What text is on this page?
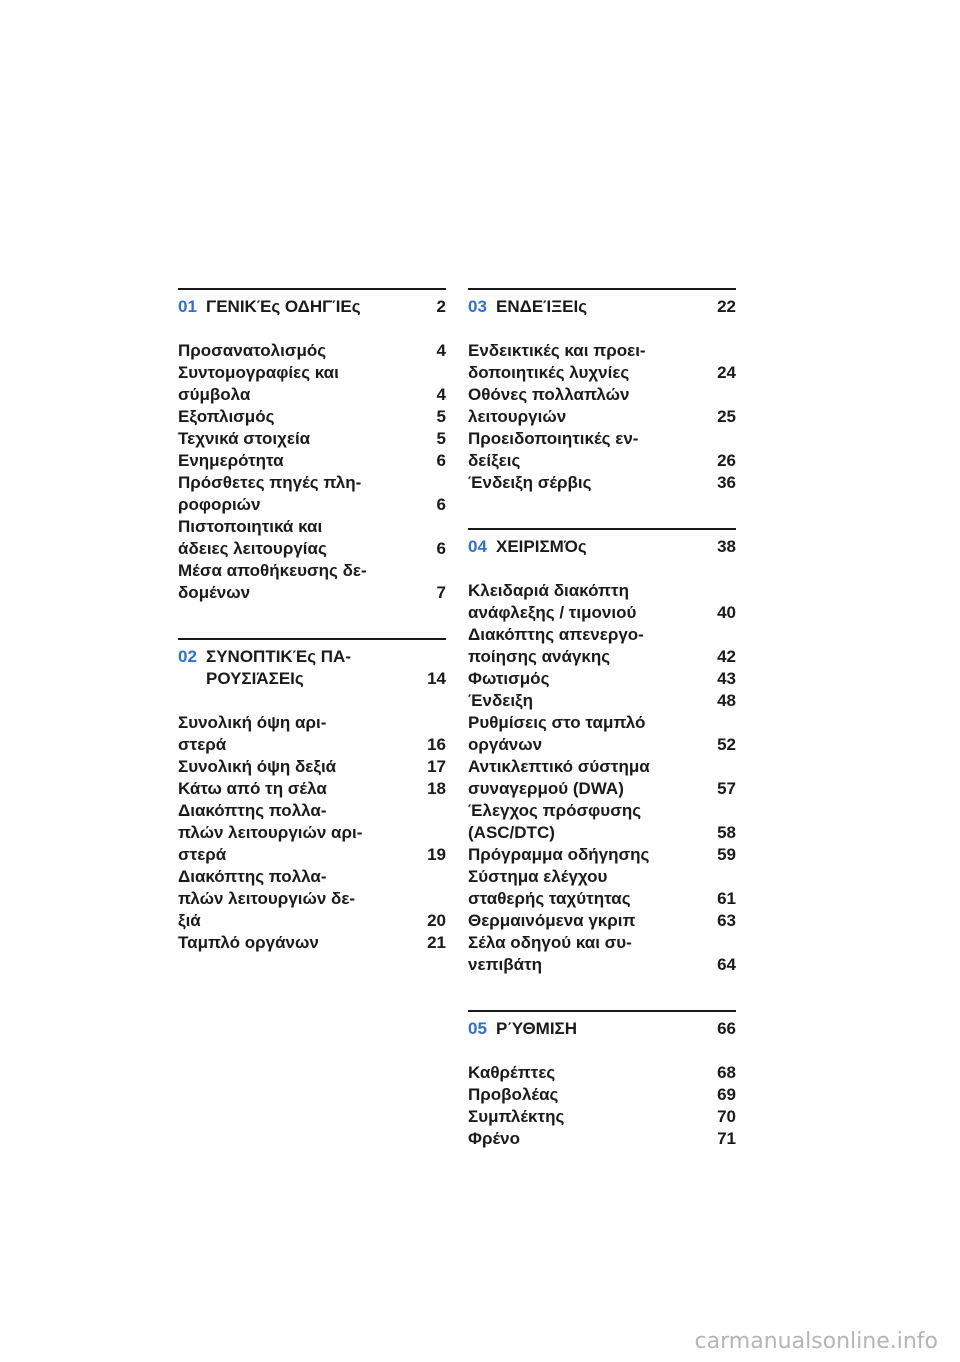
01 ΓΕΝΙΚΈς ΟΔΗΓΊΕς	2
Προσανατολισμός	4
Συντομογραφίες και
σύμβολα	4
Εξοπλισμός	5
Τεχνικά στοιχεία	5
Ενημερότητα	6
Πρόσθετες πηγές πλη-
ροφοριών	6
Πιστοποιητικά και
άδειες λειτουργίας	6
Μέσα αποθήκευσης δε-
δομένων	7
02 ΣΥΝΟΠΤΙΚΈς ΠΑ-
ΡΟΥΣΙΆΣΕΙς	14
Συνολική όψη αρι-
στερά	16
Συνολική όψη δεξιά	17
Κάτω από τη σέλα	18
Διακόπτης πολλα-
πλών λειτουργιών αρι-
στερά	19
Διακόπτης πολλα-
πλών λειτουργιών δε-
ξιά	20
Ταμπλό οργάνων	21
03 ΕΝΔΕΊΞΕΙς	22
Ενδεικτικές και προει-
δοποιητικές λυχνίες	24
Οθόνες πολλαπλών
λειτουργιών	25
Προειδοποιητικές εν-
δείξεις	26
Ένδειξη σέρβις	36
04 ΧΕΙΡΙΣΜΌς	38
Κλειδαριά διακόπτη
ανάφλεξης / τιμονιού	40
Διακόπτης απενεργο-
ποίησης ανάγκης	42
Φωτισμός	43
Ένδειξη	48
Ρυθμίσεις στο ταμπλό
οργάνων	52
Αντικλεπτικό σύστημα
συναγερμού (DWA)	57
Έλεγχος πρόσφυσης
(ASC/DTC)	58
Πρόγραμμα οδήγησης	59
Σύστημα ελέγχου
σταθερής ταχύτητας	61
Θερμαινόμενα γκριπ	63
Σέλα οδηγού και συ-
νεπιβάτη	64
05 ΡΎΘΜΙΣΗ	66
Καθρέπτες	68
Προβολέας	69
Συμπλέκτης	70
Φρένο	71
carmanualsonline.info
